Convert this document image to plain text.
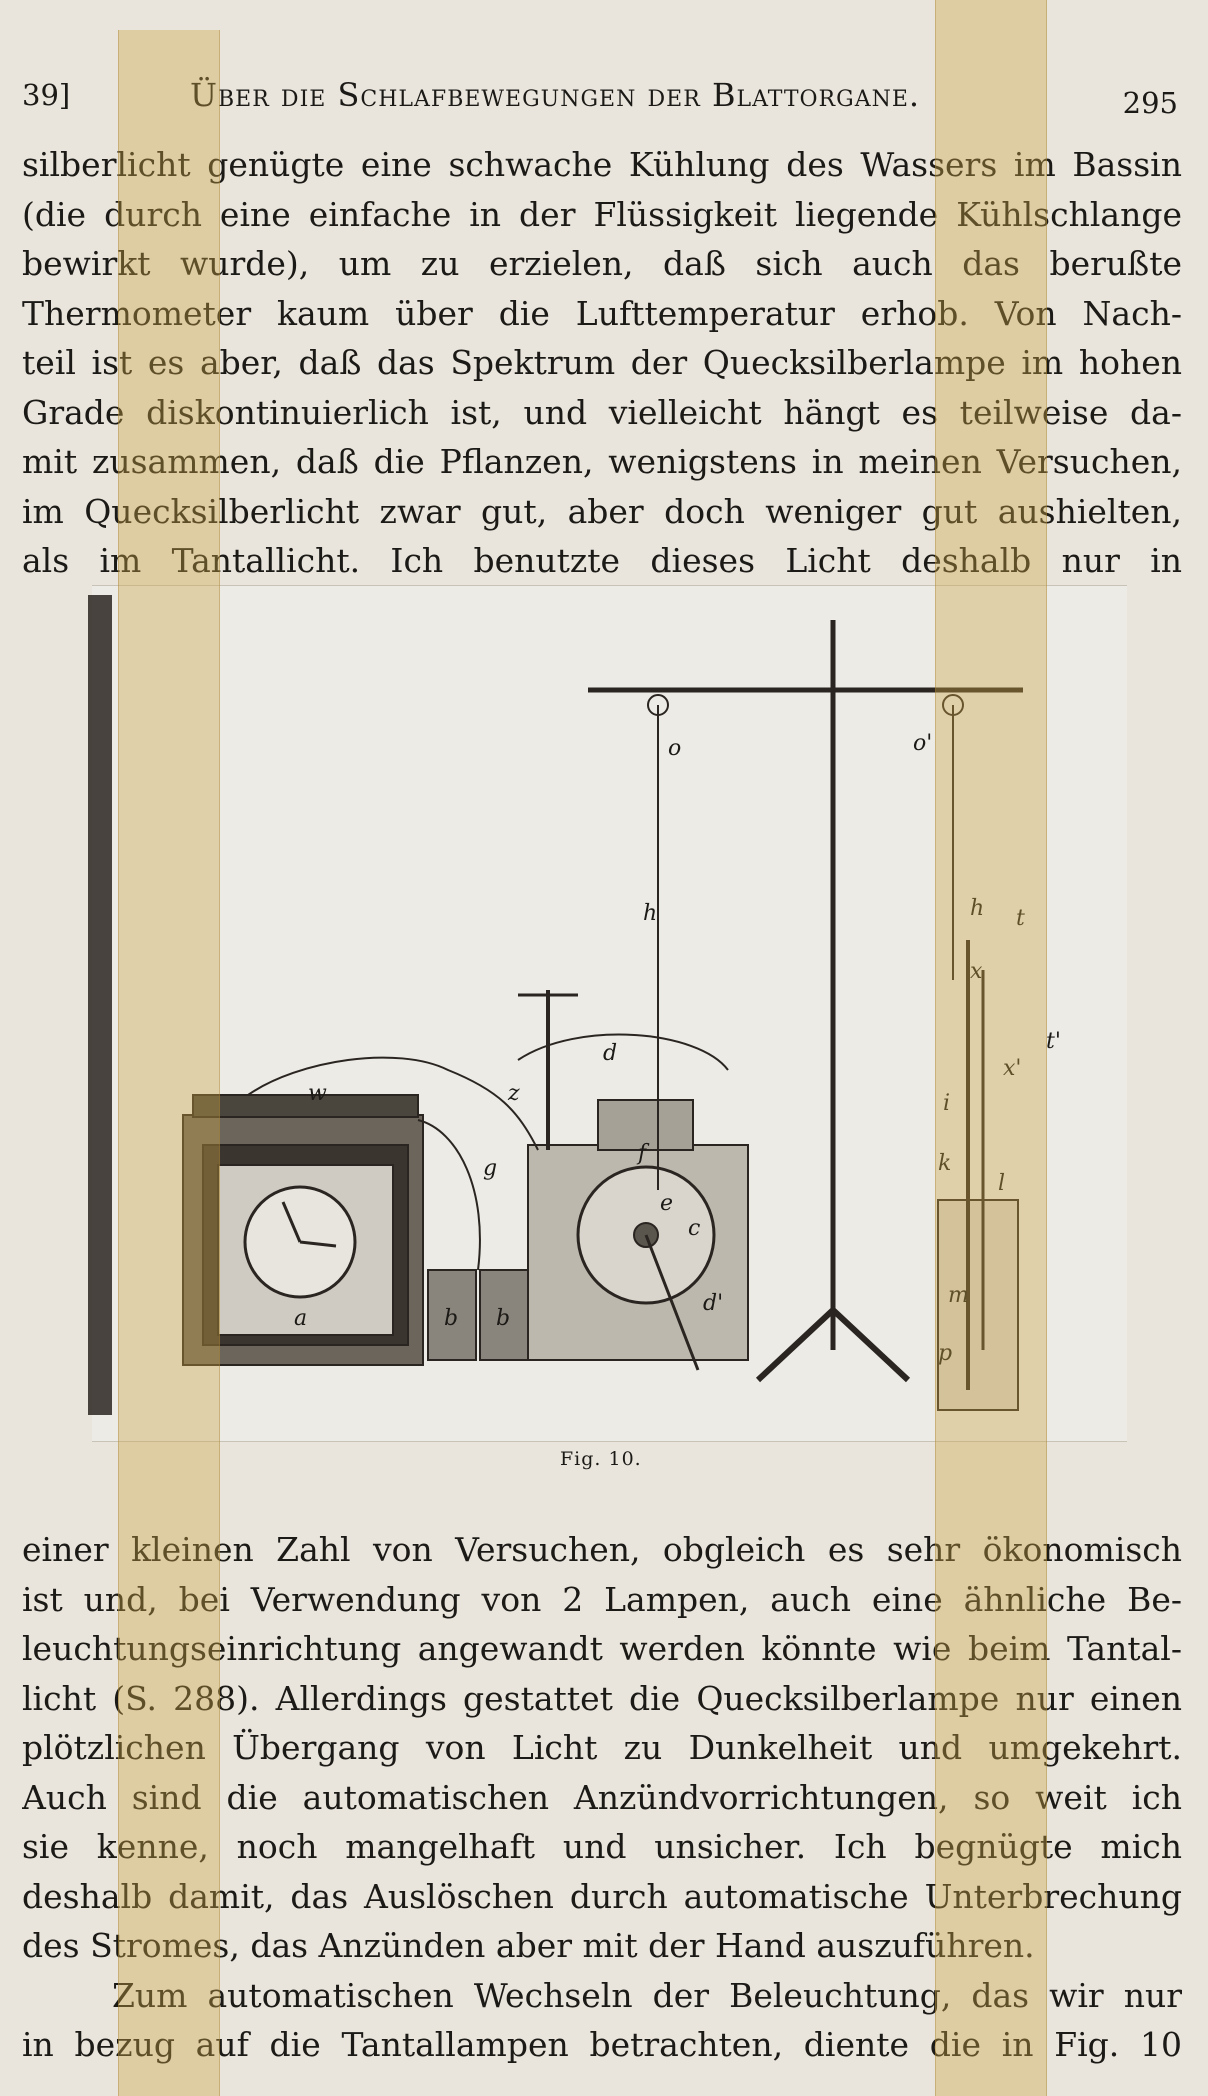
39]	Über die Schlafbewegungen der Blattorgane.	295
silberlicht genügte eine schwache Kühlung des Wassers im Bassin
(die durch eine einfache in der Flüssigkeit liegende Kühlschlange
bewirkt wurde), um zu erzielen, daß sich auch das berußte
Thermometer kaum über die Lufttemperatur erhob. Von Nach-
teil ist es aber, daß das Spektrum der Quecksilberlampe im hohen
Grade diskontinuierlich ist, und vielleicht hängt es teilweise da-
mit zusammen, daß die Pflanzen, wenigstens in meinen Versuchen,
im Quecksilberlicht zwar gut, aber doch weniger gut aushielten,
als im Tantallicht. Ich benutzte dieses Licht deshalb nur in
a	b b
c
d
d'
e
f
g
h	h
i
k
l
m
o	o'
p
t
t'
w
x
x'
z
Fig. 10.
einer kleinen Zahl von Versuchen, obgleich es sehr ökonomisch
ist und, bei Verwendung von 2 Lampen, auch eine ähnliche Be-
leuchtungseinrichtung angewandt werden könnte wie beim Tantal-
licht (S. 288). Allerdings gestattet die Quecksilberlampe nur einen
plötzlichen Übergang von Licht zu Dunkelheit und umgekehrt.
Auch sind die automatischen Anzündvorrichtungen, so weit ich
sie kenne, noch mangelhaft und unsicher. Ich begnügte mich
deshalb damit, das Auslöschen durch automatische Unterbrechung
des Stromes, das Anzünden aber mit der Hand auszuführen.
Zum automatischen Wechseln der Beleuchtung, das wir nur
in bezug auf die Tantallampen betrachten, diente die in Fig. 10
